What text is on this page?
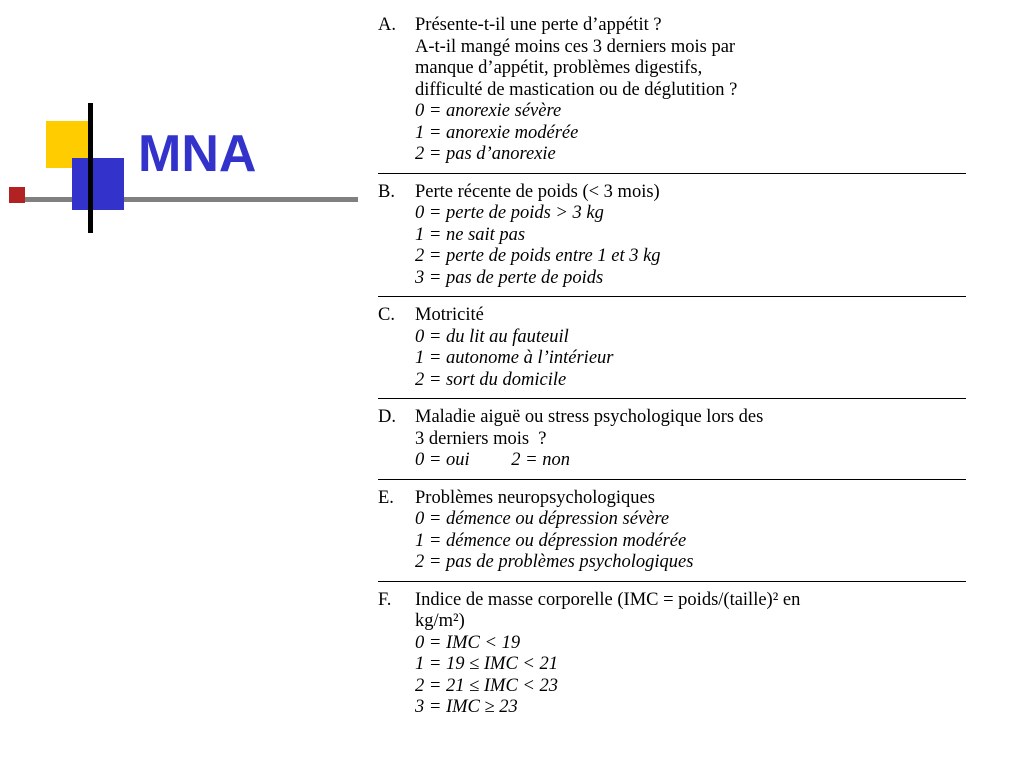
MNA
A.	Présente-t-il une perte d’appétit ?
A-t-il mangé moins ces 3 derniers mois par
manque d’appétit, problèmes digestifs,
difficulté de mastication ou de déglutition ?
0 = anorexie sévère
1 = anorexie modérée
2 = pas d’anorexie
B.	Perte récente de poids (< 3 mois)
0 = perte de poids > 3 kg
1 = ne sait pas
2 = perte de poids entre 1 et 3 kg
3 = pas de perte de poids
C.	Motricité
0 = du lit au fauteuil
1 = autonome à l’intérieur
2 = sort du domicile
D.	Maladie aiguë ou stress psychologique lors des
3 derniers mois  ?
0 = oui         2 = non
E.	Problèmes neuropsychologiques
0 = démence ou dépression sévère
1 = démence ou dépression modérée
2 = pas de problèmes psychologiques
F.	Indice de masse corporelle (IMC = poids/(taille)² en
kg/m²)
0 = IMC < 19
1 = 19 ≤ IMC < 21
2 = 21 ≤ IMC < 23
3 = IMC ≥ 23
